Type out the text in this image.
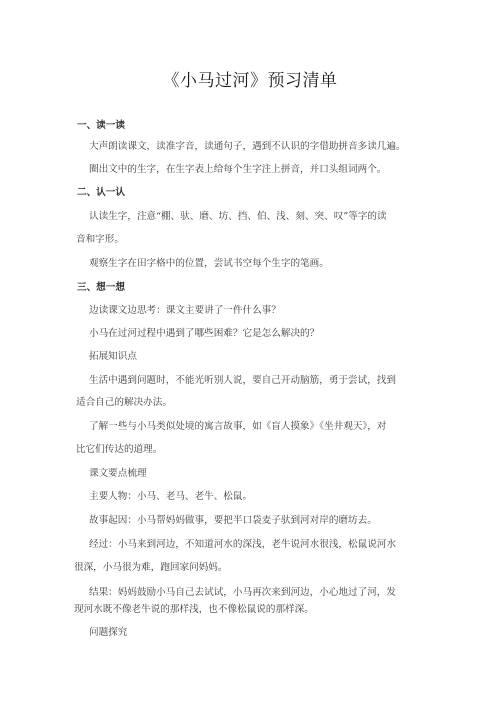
《小马过河》预习清单
一、读一读
大声朗读课文，读准字音，读通句子，遇到不认识的字借助拼音多读几遍。
圈出文中的生字，在生字表上给每个生字注上拼音，并口头组词两个。
二、认一认
认读生字，注意“棚、驮、磨、坊、挡、伯、浅、刻、突、叹”等字的读
音和字形。
观察生字在田字格中的位置，尝试书空每个生字的笔画。
三、想一想
边读课文边思考：课文主要讲了一件什么事？
小马在过河过程中遇到了哪些困难？它是怎么解决的？
拓展知识点
生活中遇到问题时，不能光听别人说，要自己开动脑筋，勇于尝试，找到
适合自己的解决办法。
了解一些与小马类似处境的寓言故事，如《盲人摸象》《坐井观天》，对
比它们传达的道理。
课文要点梳理
主要人物：小马、老马、老牛、松鼠。
故事起因：小马帮妈妈做事，要把半口袋麦子驮到河对岸的磨坊去。
经过：小马来到河边，不知道河水的深浅，老牛说河水很浅，松鼠说河水
很深，小马很为难，跑回家问妈妈。
结果：妈妈鼓励小马自己去试试，小马再次来到河边，小心地过了河，发
现河水既不像老牛说的那样浅，也不像松鼠说的那样深。
问题探究
